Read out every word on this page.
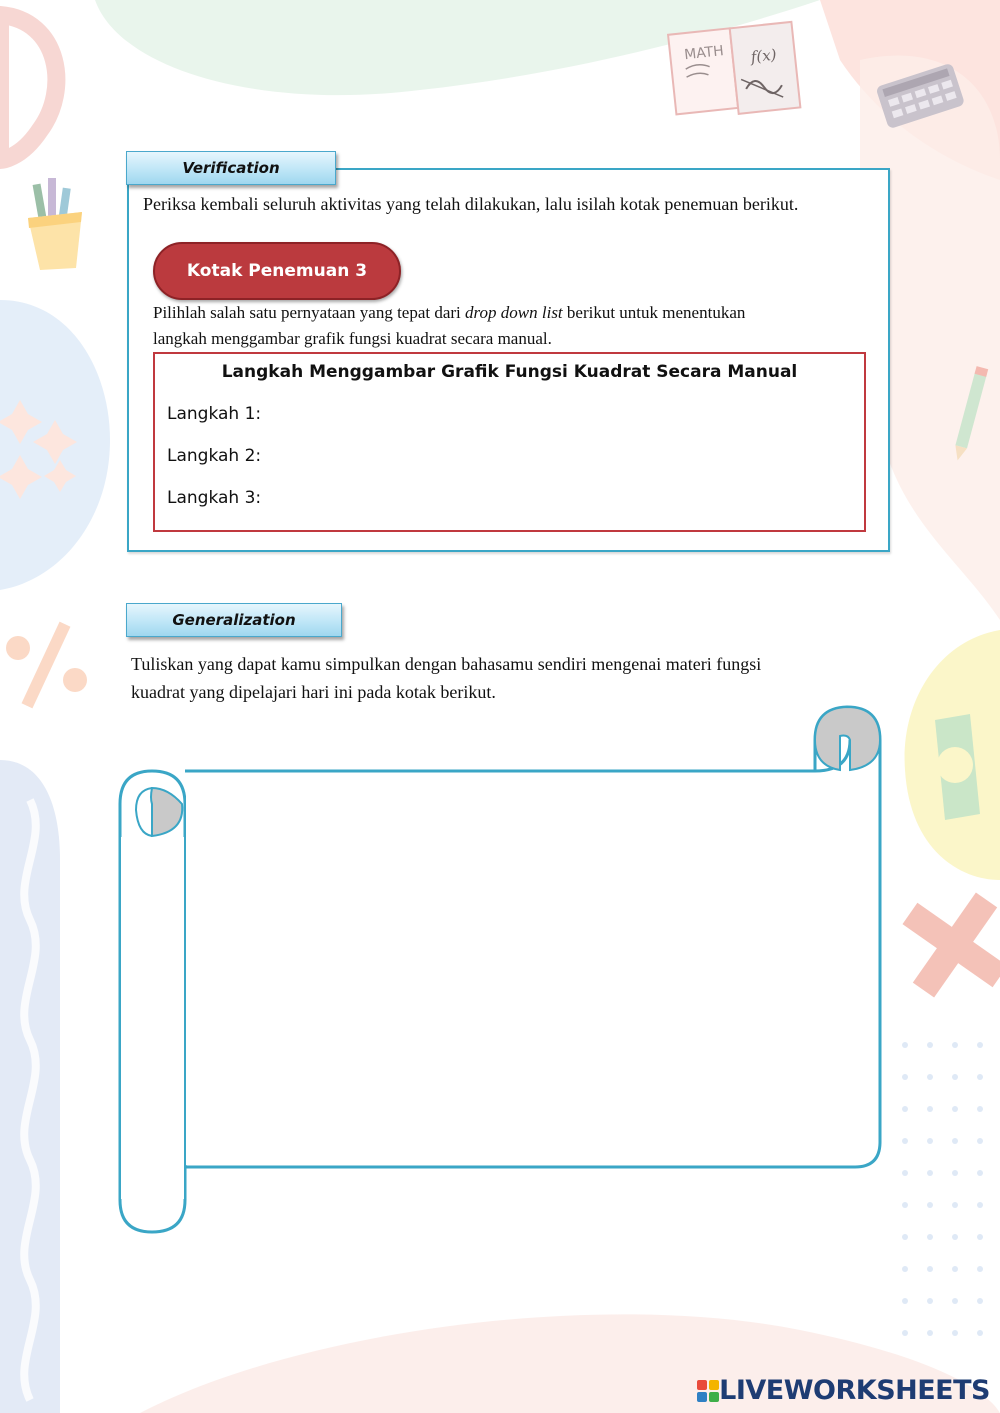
MATH f(x)
Periksa kembali seluruh aktivitas yang telah dilakukan, lalu isilah kotak penemuan berikut.
Kotak Penemuan 3
Pilihlah salah satu pernyataan yang tepat dari drop down list berikut untuk menentukan
langkah menggambar grafik fungsi kuadrat secara manual.
Langkah Menggambar Grafik Fungsi Kuadrat Secara Manual
Langkah 1:
Langkah 2:
Langkah 3:
Verification
Generalization
Tuliskan yang dapat kamu simpulkan dengan bahasamu sendiri mengenai materi fungsi
kuadrat yang dipelajari hari ini pada kotak berikut.
LIVEWORKSHEETS
